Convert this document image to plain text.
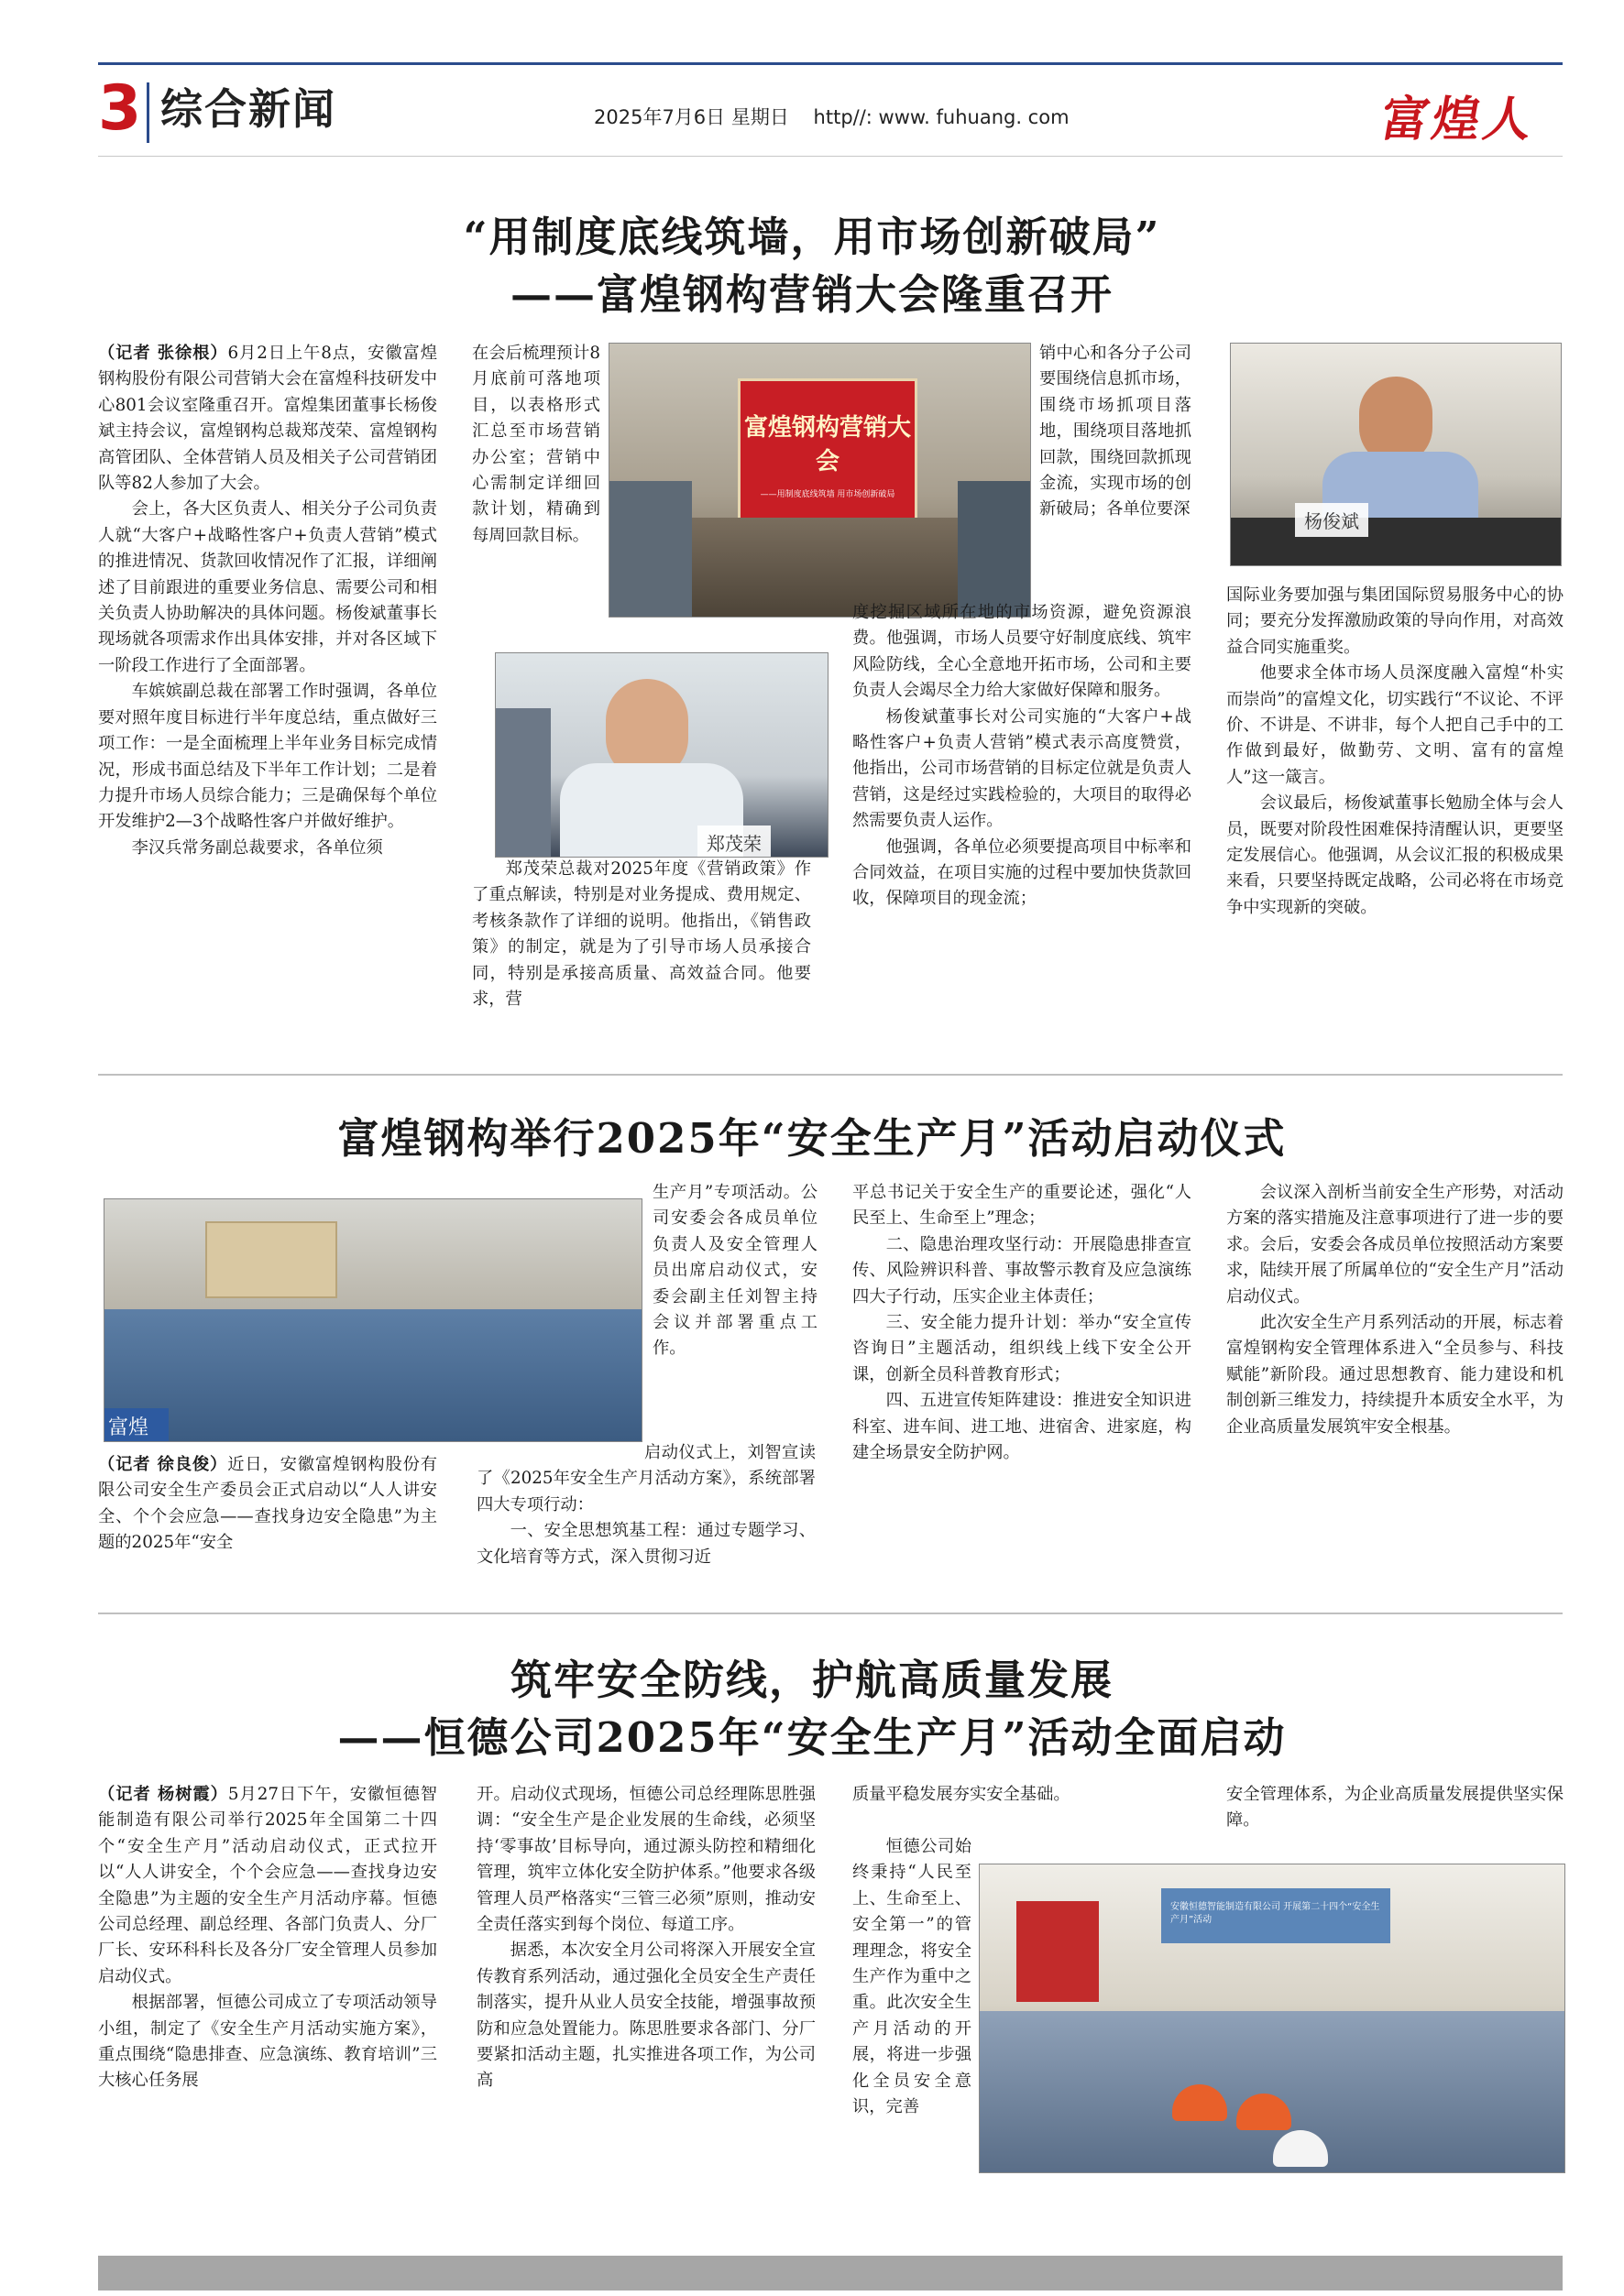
3 综合新闻	2025年7月6日 星期日 http//: www. fuhuang. com	富煌人
“用制度底线筑墙，用市场创新破局”
——富煌钢构营销大会隆重召开

（记者 张徐根）6月2日上午8点，安徽富煌钢构股份有限公司营销大会在富煌科技研发中心801会议室隆重召开。富煌集团董事长杨俊斌主持会议，富煌钢构总裁郑茂荣、富煌钢构高管团队、全体营销人员及相关子公司营销团队等82人参加了大会。

会上，各大区负责人、相关分子公司负责人就“大客户+战略性客户+负责人营销”模式的推进情况、货款回收情况作了汇报，详细阐述了目前跟进的重要业务信息、需要公司和相关负责人协助解决的具体问题。杨俊斌董事长现场就各项需求作出具体安排，并对各区域下一阶段工作进行了全面部署。

车嫔嫔副总裁在部署工作时强调，各单位要对照年度目标进行半年度总结，重点做好三项工作：一是全面梳理上半年业务目标完成情况，形成书面总结及下半年工作计划；二是着力提升市场人员综合能力；三是确保每个单位开发维护2—3个战略性客户并做好维护。

李汉兵常务副总裁要求，各单位须

在会后梳理预计8月底前可落地项目，以表格形式汇总至市场营销办公室；营销中心需制定详细回款计划，精确到每周回款目标。

富煌钢构营销大会
——用制度底线筑墙 用市场创新破局

销中心和各分子公司要围绕信息抓市场，围绕市场抓项目落地，围绕项目落地抓回款，围绕回款抓现金流，实现市场的创新破局；各单位要深

郑茂荣

郑茂荣总裁对2025年度《营销政策》作了重点解读，特别是对业务提成、费用规定、考核条款作了详细的说明。他指出，《销售政策》的制定，就是为了引导市场人员承接合同，特别是承接高质量、高效益合同。他要求，营

度挖掘区域所在地的市场资源，避免资源浪费。他强调，市场人员要守好制度底线、筑牢风险防线，全心全意地开拓市场，公司和主要负责人会竭尽全力给大家做好保障和服务。

杨俊斌董事长对公司实施的“大客户+战略性客户+负责人营销”模式表示高度赞赏，他指出，公司市场营销的目标定位就是负责人营销，这是经过实践检验的，大项目的取得必然需要负责人运作。

他强调，各单位必须要提高项目中标率和合同效益，在项目实施的过程中要加快货款回收，保障项目的现金流；

杨俊斌

国际业务要加强与集团国际贸易服务中心的协同；要充分发挥激励政策的导向作用，对高效益合同实施重奖。

他要求全体市场人员深度融入富煌“朴实而崇尚”的富煌文化，切实践行“不议论、不评价、不讲是、不讲非，每个人把自己手中的工作做到最好，做勤劳、文明、富有的富煌人”这一箴言。

会议最后，杨俊斌董事长勉励全体与会人员，既要对阶段性困难保持清醒认识，更要坚定发展信心。他强调，从会议汇报的积极成果来看，只要坚持既定战略，公司必将在市场竞争中实现新的突破。

富煌钢构举行2025年“安全生产月”活动启动仪式
富煌

（记者 徐良俊）近日，安徽富煌钢构股份有限公司安全生产委员会正式启动以“人人讲安全、个个会应急——查找身边安全隐患”为主题的2025年“安全

生产月”专项活动。公司安委会各成员单位负责人及安全管理人员出席启动仪式，安委会副主任刘智主持会议并部署重点工作。

启动仪式上，刘智宣读了《2025年安全生产月活动方案》，系统部署四大专项行动：

一、安全思想筑基工程：通过专题学习、文化培育等方式，深入贯彻习近

平总书记关于安全生产的重要论述，强化“人民至上、生命至上”理念；

二、隐患治理攻坚行动：开展隐患排查宣传、风险辨识科普、事故警示教育及应急演练四大子行动，压实企业主体责任；

三、安全能力提升计划：举办“安全宣传咨询日”主题活动，组织线上线下安全公开课，创新全员科普教育形式；

四、五进宣传矩阵建设：推进安全知识进科室、进车间、进工地、进宿舍、进家庭，构建全场景安全防护网。

会议深入剖析当前安全生产形势，对活动方案的落实措施及注意事项进行了进一步的要求。会后，安委会各成员单位按照活动方案要求，陆续开展了所属单位的“安全生产月”活动启动仪式。

此次安全生产月系列活动的开展，标志着富煌钢构安全管理体系进入“全员参与、科技赋能”新阶段。通过思想教育、能力建设和机制创新三维发力，持续提升本质安全水平，为企业高质量发展筑牢安全根基。

筑牢安全防线，护航高质量发展
——恒德公司2025年“安全生产月”活动全面启动

（记者 杨树霞）5月27日下午，安徽恒德智能制造有限公司举行2025年全国第二十四个“安全生产月”活动启动仪式，正式拉开以“人人讲安全，个个会应急——查找身边安全隐患”为主题的安全生产月活动序幕。恒德公司总经理、副总经理、各部门负责人、分厂厂长、安环科科长及各分厂安全管理人员参加启动仪式。

根据部署，恒德公司成立了专项活动领导小组，制定了《安全生产月活动实施方案》，重点围绕“隐患排查、应急演练、教育培训”三大核心任务展

开。启动仪式现场，恒德公司总经理陈思胜强调：“安全生产是企业发展的生命线，必须坚持‘零事故’目标导向，通过源头防控和精细化管理，筑牢立体化安全防护体系。”他要求各级管理人员严格落实“三管三必须”原则，推动安全责任落实到每个岗位、每道工序。

据悉，本次安全月公司将深入开展安全宣传教育系列活动，通过强化全员安全生产责任制落实，提升从业人员安全技能，增强事故预防和应急处置能力。陈思胜要求各部门、分厂要紧扣活动主题，扎实推进各项工作，为公司高

质量平稳发展夯实安全基础。

恒德公司始终秉持“人民至上、生命至上、安全第一”的管理理念，将安全生产作为重中之重。此次安全生产月活动的开展，将进一步强化全员安全意识，完善

安全管理体系，为企业高质量发展提供坚实保障。

安徽恒德智能制造有限公司 开展第二十四个“安全生产月”活动
